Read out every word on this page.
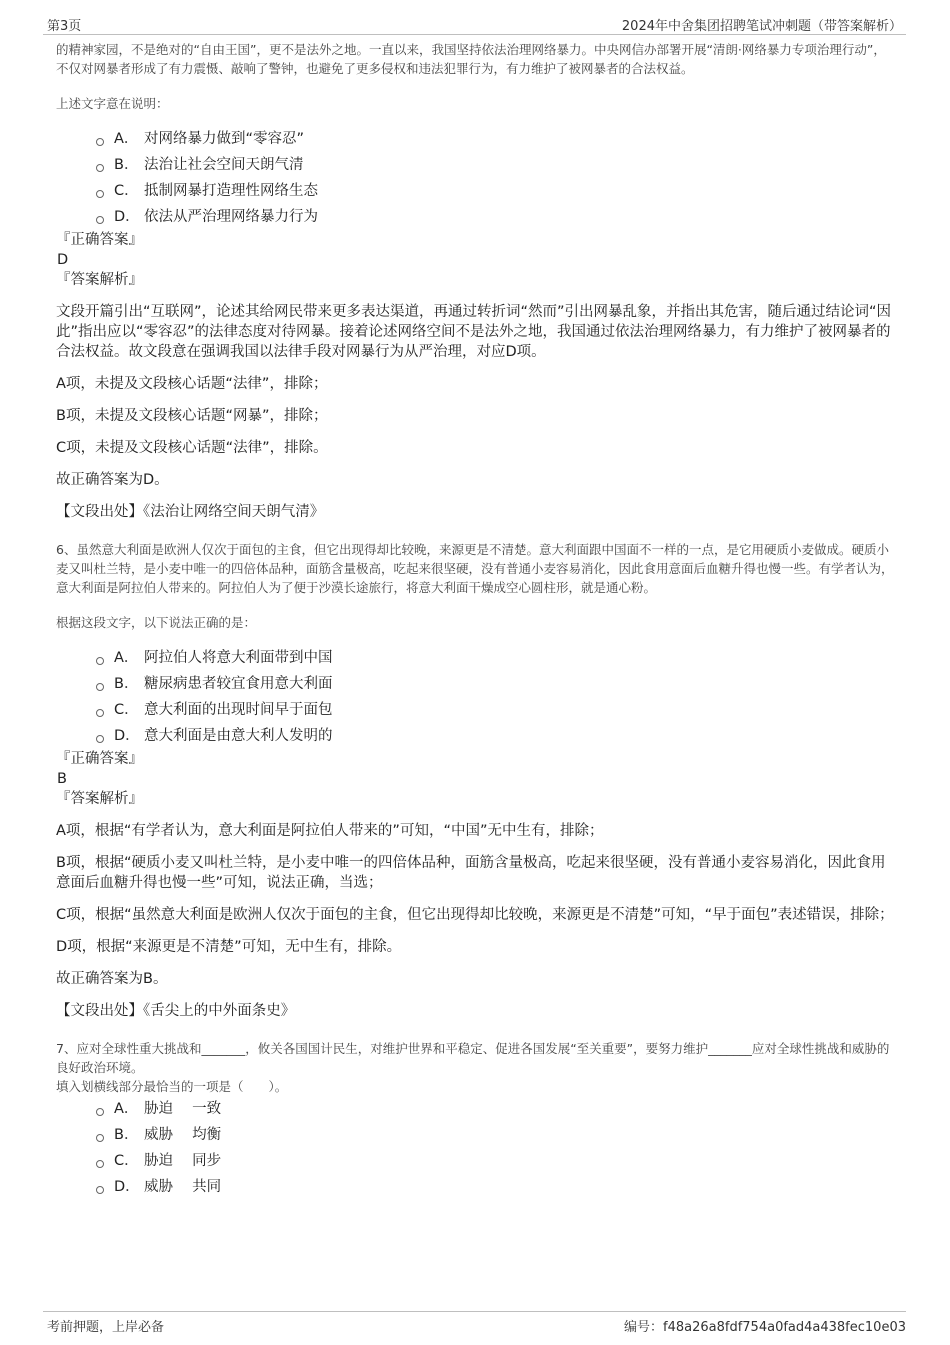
第3页	2024年中舍集团招聘笔试冲刺题（带答案解析）

的精神家园，不是绝对的“自由王国”，更不是法外之地。一直以来，我国坚持依法治理网络暴力。中央网信办部署开展“清朗·网络暴力专项治理行动”，不仅对网暴者形成了有力震慑、敲响了警钟，也避免了更多侵权和违法犯罪行为，有力维护了被网暴者的合法权益。

上述文字意在说明：

A． 对网络暴力做到“零容忍”
B． 法治让社会空间天朗气清
C． 抵制网暴打造理性网络生态
D． 依法从严治理网络暴力行为

『正确答案』

D

『答案解析』

文段开篇引出“互联网”，论述其给网民带来更多表达渠道，再通过转折词“然而”引出网暴乱象，并指出其危害，随后通过结论词“因此”指出应以“零容忍”的法律态度对待网暴。接着论述网络空间不是法外之地，我国通过依法治理网络暴力，有力维护了被网暴者的合法权益。故文段意在强调我国以法律手段对网暴行为从严治理，对应D项。

A项，未提及文段核心话题“法律”，排除；

B项，未提及文段核心话题“网暴”，排除；

C项，未提及文段核心话题“法律”，排除。

故正确答案为D。

【文段出处】《法治让网络空间天朗气清》

6、虽然意大利面是欧洲人仅次于面包的主食，但它出现得却比较晚，来源更是不清楚。意大利面跟中国面不一样的一点，是它用硬质小麦做成。硬质小麦又叫杜兰特，是小麦中唯一的四倍体品种，面筋含量极高，吃起来很坚硬，没有普通小麦容易消化，因此食用意面后血糖升得也慢一些。有学者认为，意大利面是阿拉伯人带来的。阿拉伯人为了便于沙漠长途旅行，将意大利面干燥成空心圆柱形，就是通心粉。

根据这段文字，以下说法正确的是：

A． 阿拉伯人将意大利面带到中国
B． 糖尿病患者较宜食用意大利面
C． 意大利面的出现时间早于面包
D． 意大利面是由意大利人发明的

『正确答案』

B

『答案解析』

A项，根据“有学者认为，意大利面是阿拉伯人带来的”可知，“中国”无中生有，排除；

B项，根据“硬质小麦又叫杜兰特，是小麦中唯一的四倍体品种，面筋含量极高，吃起来很坚硬，没有普通小麦容易消化，因此食用意面后血糖升得也慢一些”可知，说法正确，当选；

C项，根据“虽然意大利面是欧洲人仅次于面包的主食，但它出现得却比较晚，来源更是不清楚”可知，“早于面包”表述错误，排除；

D项，根据“来源更是不清楚”可知，无中生有，排除。

故正确答案为B。

【文段出处】《舌尖上的中外面条史》

7、应对全球性重大挑战和_______，攸关各国国计民生，对维护世界和平稳定、促进各国发展“至关重要”，要努力维护_______应对全球性挑战和威胁的良好政治环境。

填入划横线部分最恰当的一项是（　　）。

A． 胁迫　 一致
B． 威胁　 均衡
C． 胁迫　 同步
D． 威胁　 共同
考前押题，上岸必备	编号：f48a26a8fdf754a0fad4a438fec10e03
